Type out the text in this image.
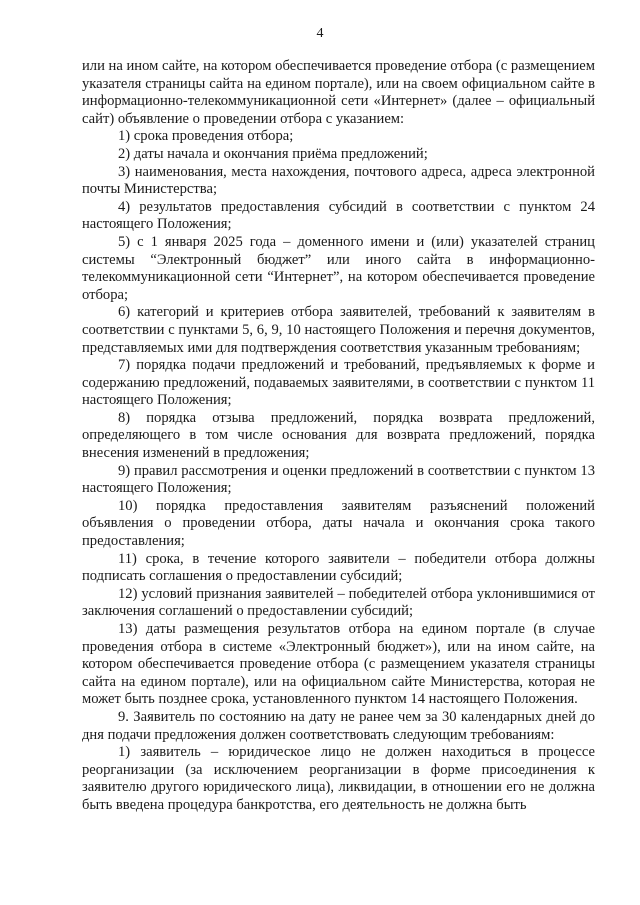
4

или на ином сайте, на котором обеспечивается проведение отбора (с размещением указателя страницы сайта на едином портале), или на своем официальном сайте в информационно-телекоммуникационной сети «Интернет» (далее – официальный сайт) объявление о проведении отбора с указанием:

1) срока проведения отбора;

2) даты начала и окончания приёма предложений;

3) наименования, места нахождения, почтового адреса, адреса электронной почты Министерства;

4) результатов предоставления субсидий в соответствии с пунктом 24 настоящего Положения;

5) с 1 января 2025 года – доменного имени и (или) указателей страниц системы “Электронный бюджет” или иного сайта в информационно-телекоммуникационной сети “Интернет”, на котором обеспечивается проведение отбора;

6) категорий и критериев отбора заявителей, требований к заявителям в соответствии с пунктами 5, 6, 9, 10 настоящего Положения и перечня документов, представляемых ими для подтверждения соответствия указанным требованиям;

7) порядка подачи предложений и требований, предъявляемых к форме и содержанию предложений, подаваемых заявителями, в соответствии с пунктом 11 настоящего Положения;

8) порядка отзыва предложений, порядка возврата предложений, определяющего в том числе основания для возврата предложений, порядка внесения изменений в предложения;

9) правил рассмотрения и оценки предложений в соответствии с пунктом 13 настоящего Положения;

10) порядка предоставления заявителям разъяснений положений объявления о проведении отбора, даты начала и окончания срока такого предоставления;

11) срока, в течение которого заявители – победители отбора должны подписать соглашения о предоставлении субсидий;

12) условий признания заявителей – победителей отбора уклонившимися от заключения соглашений о предоставлении субсидий;

13) даты размещения результатов отбора на едином портале (в случае проведения отбора в системе «Электронный бюджет»), или на ином сайте, на котором обеспечивается проведение отбора (с размещением указателя страницы сайта на едином портале), или на официальном сайте Министерства, которая не может быть позднее срока, установленного пунктом 14 настоящего Положения.

9. Заявитель по состоянию на дату не ранее чем за 30 календарных дней до дня подачи предложения должен соответствовать следующим требованиям:

1) заявитель – юридическое лицо не должен находиться в процессе реорганизации (за исключением реорганизации в форме присоединения к заявителю другого юридического лица), ликвидации, в отношении его не должна быть введена процедура банкротства, его деятельность не должна быть
